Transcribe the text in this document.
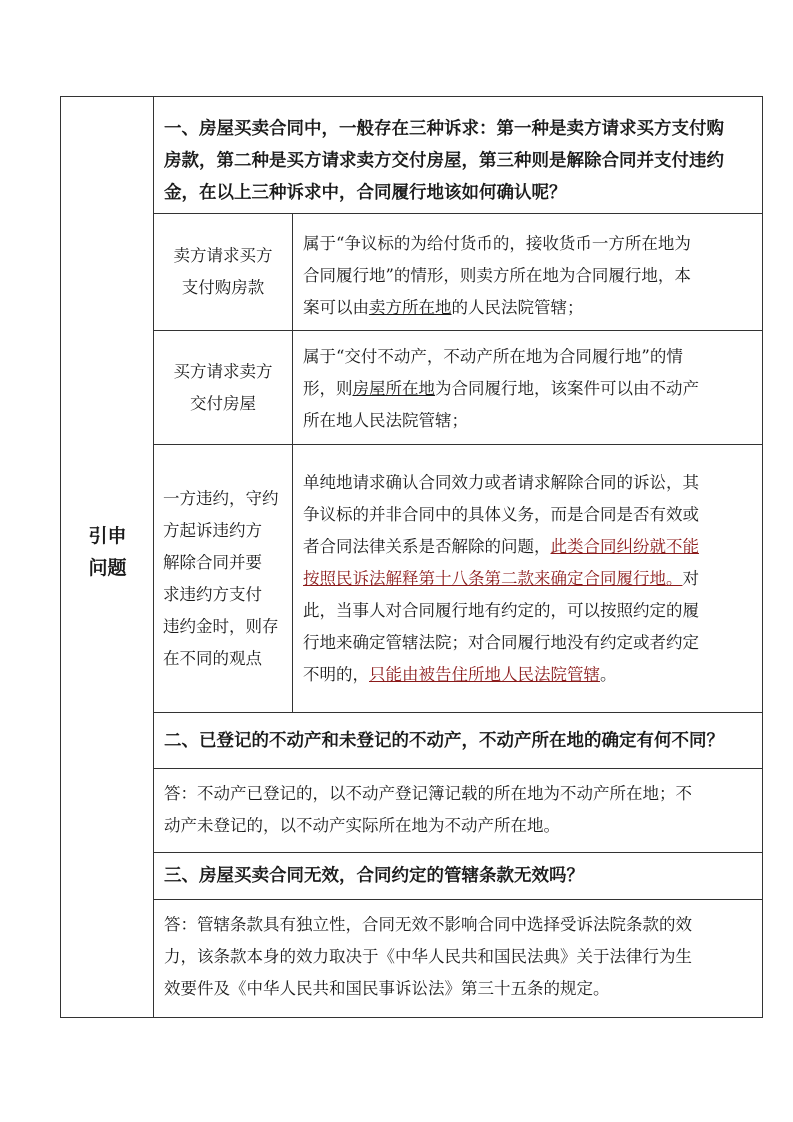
引申
问题
一、房屋买卖合同中，一般存在三种诉求：第一种是卖方请求买方支付购
房款，第二种是买方请求卖方交付房屋，第三种则是解除合同并支付违约
金，在以上三种诉求中，合同履行地该如何确认呢？
卖方请求买方
支付购房款
属于“争议标的为给付货币的，接收货币一方所在地为
合同履行地”的情形，则卖方所在地为合同履行地，本
案可以由卖方所在地的人民法院管辖；
买方请求卖方
交付房屋
属于“交付不动产，不动产所在地为合同履行地”的情
形，则房屋所在地为合同履行地，该案件可以由不动产
所在地人民法院管辖；
一方违约，守约
方起诉违约方
解除合同并要
求违约方支付
违约金时，则存
在不同的观点
单纯地请求确认合同效力或者请求解除合同的诉讼，其
争议标的并非合同中的具体义务，而是合同是否有效或
者合同法律关系是否解除的问题，此类合同纠纷就不能
按照民诉法解释第十八条第二款来确定合同履行地。对
此，当事人对合同履行地有约定的，可以按照约定的履
行地来确定管辖法院；对合同履行地没有约定或者约定
不明的，只能由被告住所地人民法院管辖。
二、已登记的不动产和未登记的不动产，不动产所在地的确定有何不同？
答：不动产已登记的，以不动产登记簿记载的所在地为不动产所在地；不
动产未登记的，以不动产实际所在地为不动产所在地。
三、房屋买卖合同无效，合同约定的管辖条款无效吗？
答：管辖条款具有独立性，合同无效不影响合同中选择受诉法院条款的效
力，该条款本身的效力取决于《中华人民共和国民法典》关于法律行为生
效要件及《中华人民共和国民事诉讼法》第三十五条的规定。
